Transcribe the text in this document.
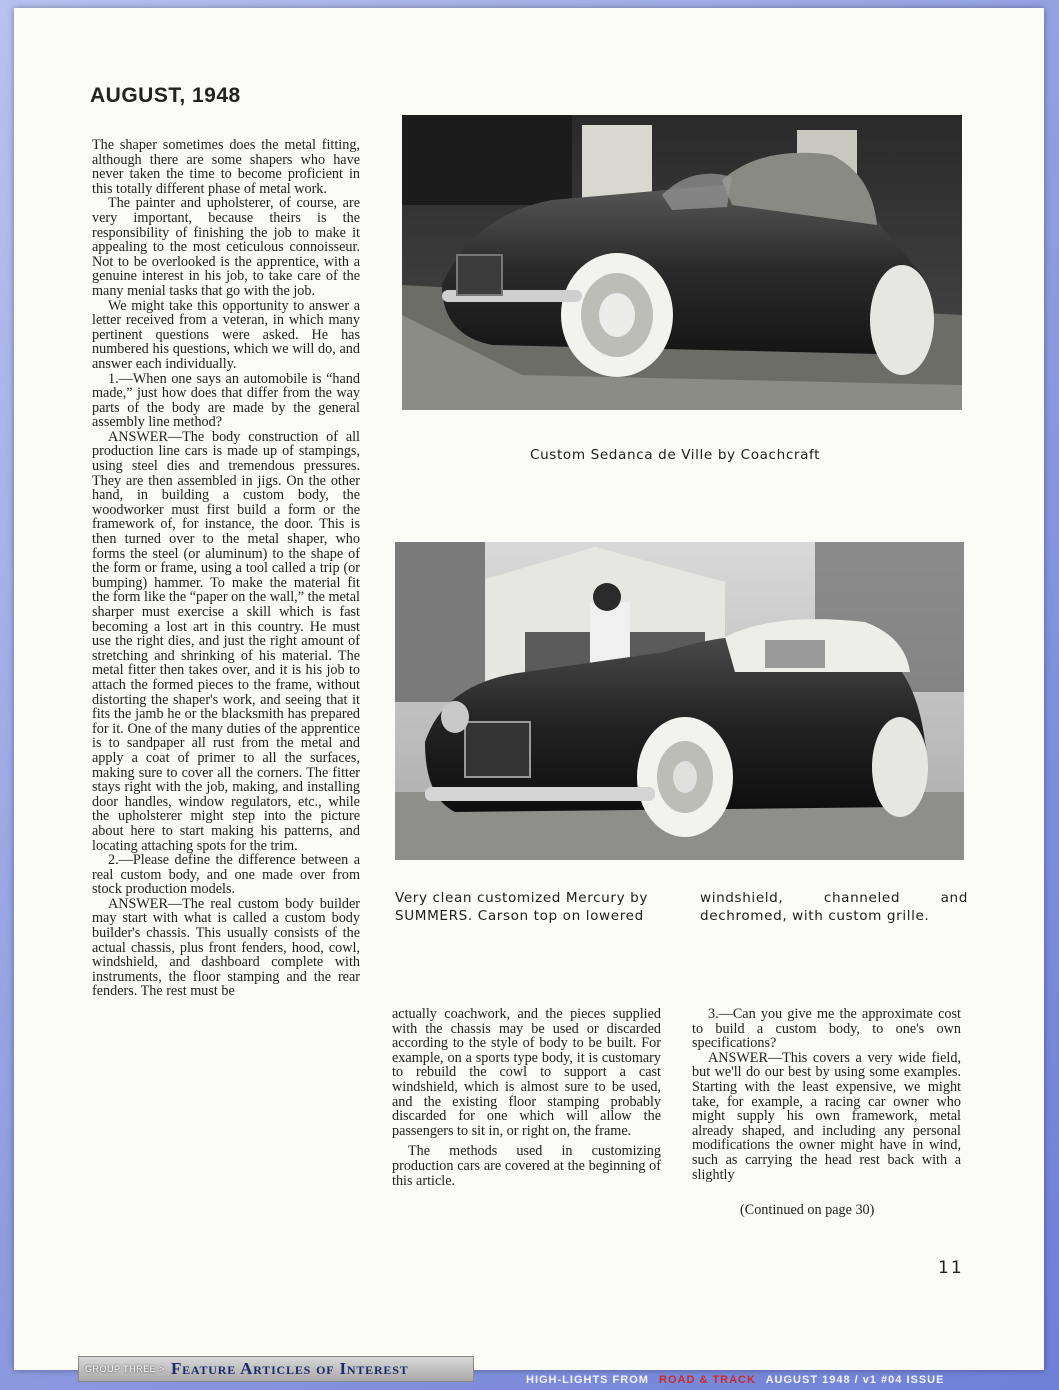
AUGUST, 1948

The shaper sometimes does the metal fitting, although there are some shapers who have never taken the time to become proficient in this totally different phase of metal work.

The painter and upholsterer, of course, are very important, because theirs is the responsibility of finishing the job to make it appealing to the most ceticulous connoisseur. Not to be overlooked is the apprentice, with a genuine interest in his job, to take care of the many menial tasks that go with the job.

We might take this opportunity to answer a letter received from a veteran, in which many pertinent questions were asked. He has numbered his questions, which we will do, and answer each individually.

1.—When one says an automobile is “hand made,” just how does that differ from the way parts of the body are made by the general assembly line method?

ANSWER—The body construction of all production line cars is made up of stampings, using steel dies and tremendous pressures. They are then assembled in jigs. On the other hand, in building a custom body, the woodworker must first build a form or the framework of, for instance, the door. This is then turned over to the metal shaper, who forms the steel (or aluminum) to the shape of the form or frame, using a tool called a trip (or bumping) hammer. To make the material fit the form like the “paper on the wall,” the metal sharper must exercise a skill which is fast becoming a lost art in this country. He must use the right dies, and just the right amount of stretching and shrinking of his material. The metal fitter then takes over, and it is his job to attach the formed pieces to the frame, without distorting the shaper's work, and seeing that it fits the jamb he or the blacksmith has prepared for it. One of the many duties of the apprentice is to sandpaper all rust from the metal and apply a coat of primer to all the surfaces, making sure to cover all the corners. The fitter stays right with the job, making, and installing door handles, window regulators, etc., while the upholsterer might step into the picture about here to start making his patterns, and locating attaching spots for the trim.

2.—Please define the difference between a real custom body, and one made over from stock production models.

ANSWER—The real custom body builder may start with what is called a custom body builder's chassis. This usually consists of the actual chassis, plus front fenders, hood, cowl, windshield, and dashboard complete with instruments, the floor stamping and the rear fenders. The rest must be

Custom Sedanca de Ville by Coachcraft
Very clean customized Mercury by SUMMERS. Carson top on lowered
windshield, channeled and dechromed, with custom grille.

actually coachwork, and the pieces supplied with the chassis may be used or discarded according to the style of body to be built. For example, on a sports type body, it is customary to rebuild the cowl to support a cast windshield, which is almost sure to be used, and the existing floor stamping probably discarded for one which will allow the passengers to sit in, or right on, the frame.

The methods used in customizing production cars are covered at the beginning of this article.

3.—Can you give me the approximate cost to build a custom body, to one's own specifications?

ANSWER—This covers a very wide field, but we'll do our best by using some examples. Starting with the least expensive, we might take, for example, a racing car owner who might supply his own framework, metal already shaped, and including any personal modifications the owner might have in wind, such as carrying the head rest back with a slightly

(Continued on page 30)
11
GROUP THREE > Feature Articles of Interest
HIGH-LIGHTS FROM ROAD & TRACK AUGUST 1948 / v1 #04 ISSUE
